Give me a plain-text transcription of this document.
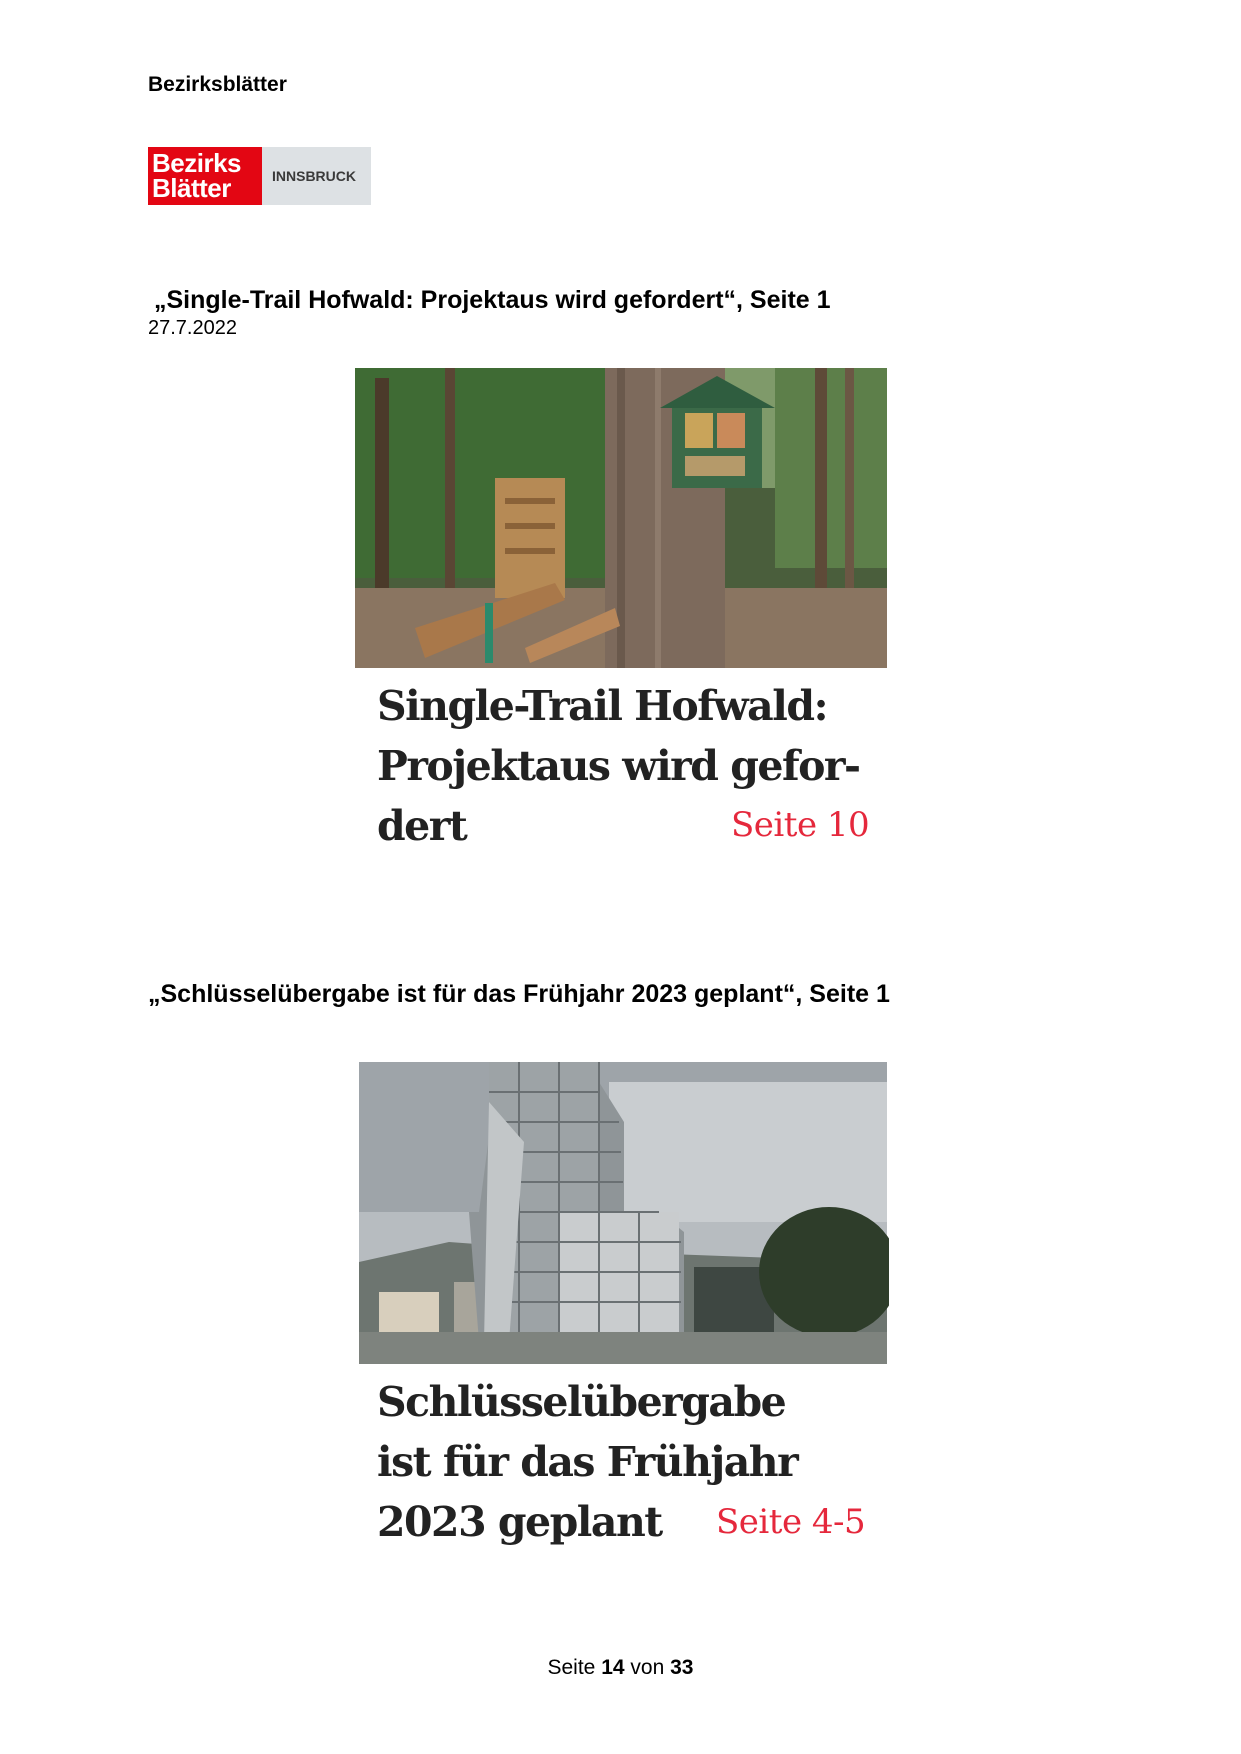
Bezirksblätter
Bezirks
Blätter	INNSBRUCK
„Single-Trail Hofwald: Projektaus wird gefordert“, Seite 1
27.7.2022
Single-Trail Hofwald:
Projektaus wird gefor-
dert	Seite 10
„Schlüsselübergabe ist für das Frühjahr 2023 geplant“, Seite 1
Schlüsselübergabe
ist für das Frühjahr
2023 geplant Seite 4-5
Seite 14 von 33
